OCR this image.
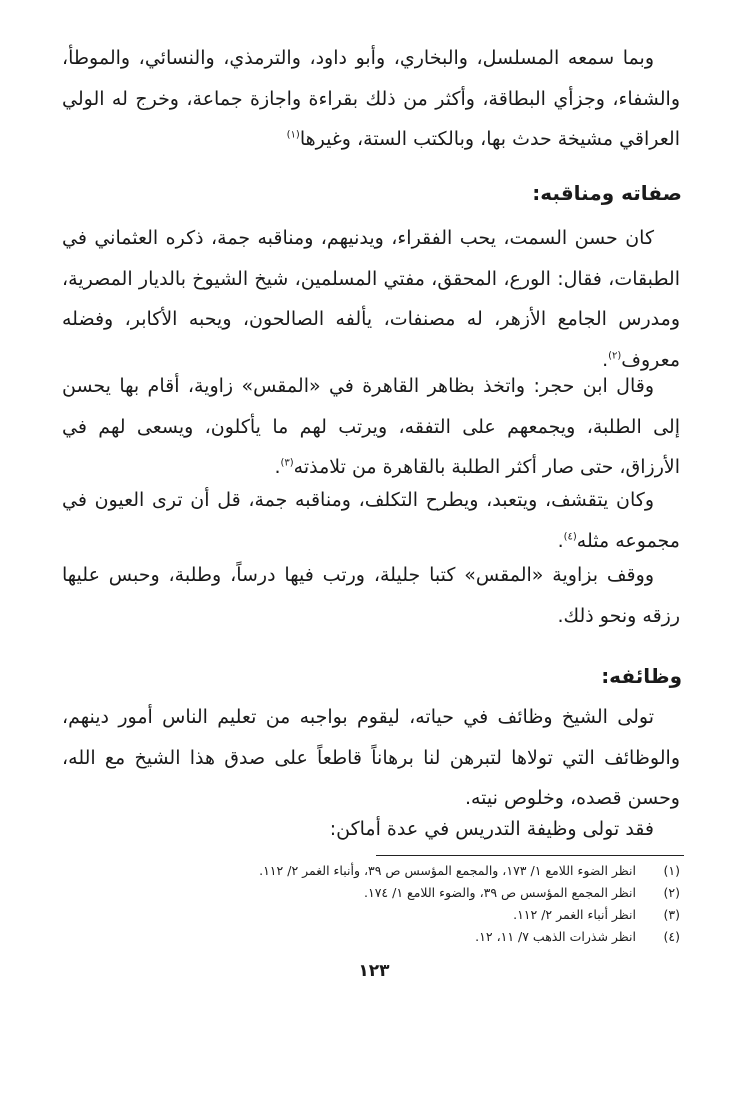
وبما سمعه المسلسل، والبخاري، وأبو داود، والترمذي، والنسائي، والموطأ، والشفاء، وجزأي البطاقة، وأكثر من ذلك بقراءة واجازة جماعة، وخرج له الولي العراقي مشيخة حدث بها، وبالكتب الستة، وغيرها$^{(١)}$

صفاته ومناقبه:

كان حسن السمت، يحب الفقراء، ويدنيهم، ومناقبه جمة، ذكره العثماني في الطبقات، فقال: الورع، المحقق، مفتي المسلمين، شيخ الشيوخ بالديار المصرية، ومدرس الجامع الأزهر، له مصنفات، يألفه الصالحون، ويحبه الأكابر، وفضله معروف$^{(٢)}$.

وقال ابن حجر: واتخذ بظاهر القاهرة في «المقس» زاوية، أقام بها يحسن إلى الطلبة، ويجمعهم على التفقه، ويرتب لهم ما يأكلون، ويسعى لهم في الأرزاق، حتى صار أكثر الطلبة بالقاهرة من تلامذته$^{(٣)}$.

وكان يتقشف، ويتعبد، ويطرح التكلف، ومناقبه جمة، قل أن ترى العيون في مجموعه مثله$^{(٤)}$.

ووقف بزاوية «المقس» كتبا جليلة، ورتب فيها درساً، وطلبة، وحبس عليها رزقه ونحو ذلك.

وظائفه:

تولى الشيخ وظائف في حياته، ليقوم بواجبه من تعليم الناس أمور دينهم، والوظائف التي تولاها لتبرهن لنا برهاناً قاطعاً على صدق هذا الشيخ مع الله، وحسن قصده، وخلوص نيته.

فقد تولى وظيفة التدريس في عدة أماكن:

(١)انظر الضوء اللامع ١/ ١٧٣، والمجمع المؤسس ص ٣٩، وأنباء الغمر ٢/ ١١٢.

(٢)انظر المجمع المؤسس ص ٣٩، والضوء اللامع ١/ ١٧٤.

(٣)انظر أنباء الغمر ٢/ ١١٢.

(٤)انظر شذرات الذهب ٧/ ١١، ١٢.

١٢٣
